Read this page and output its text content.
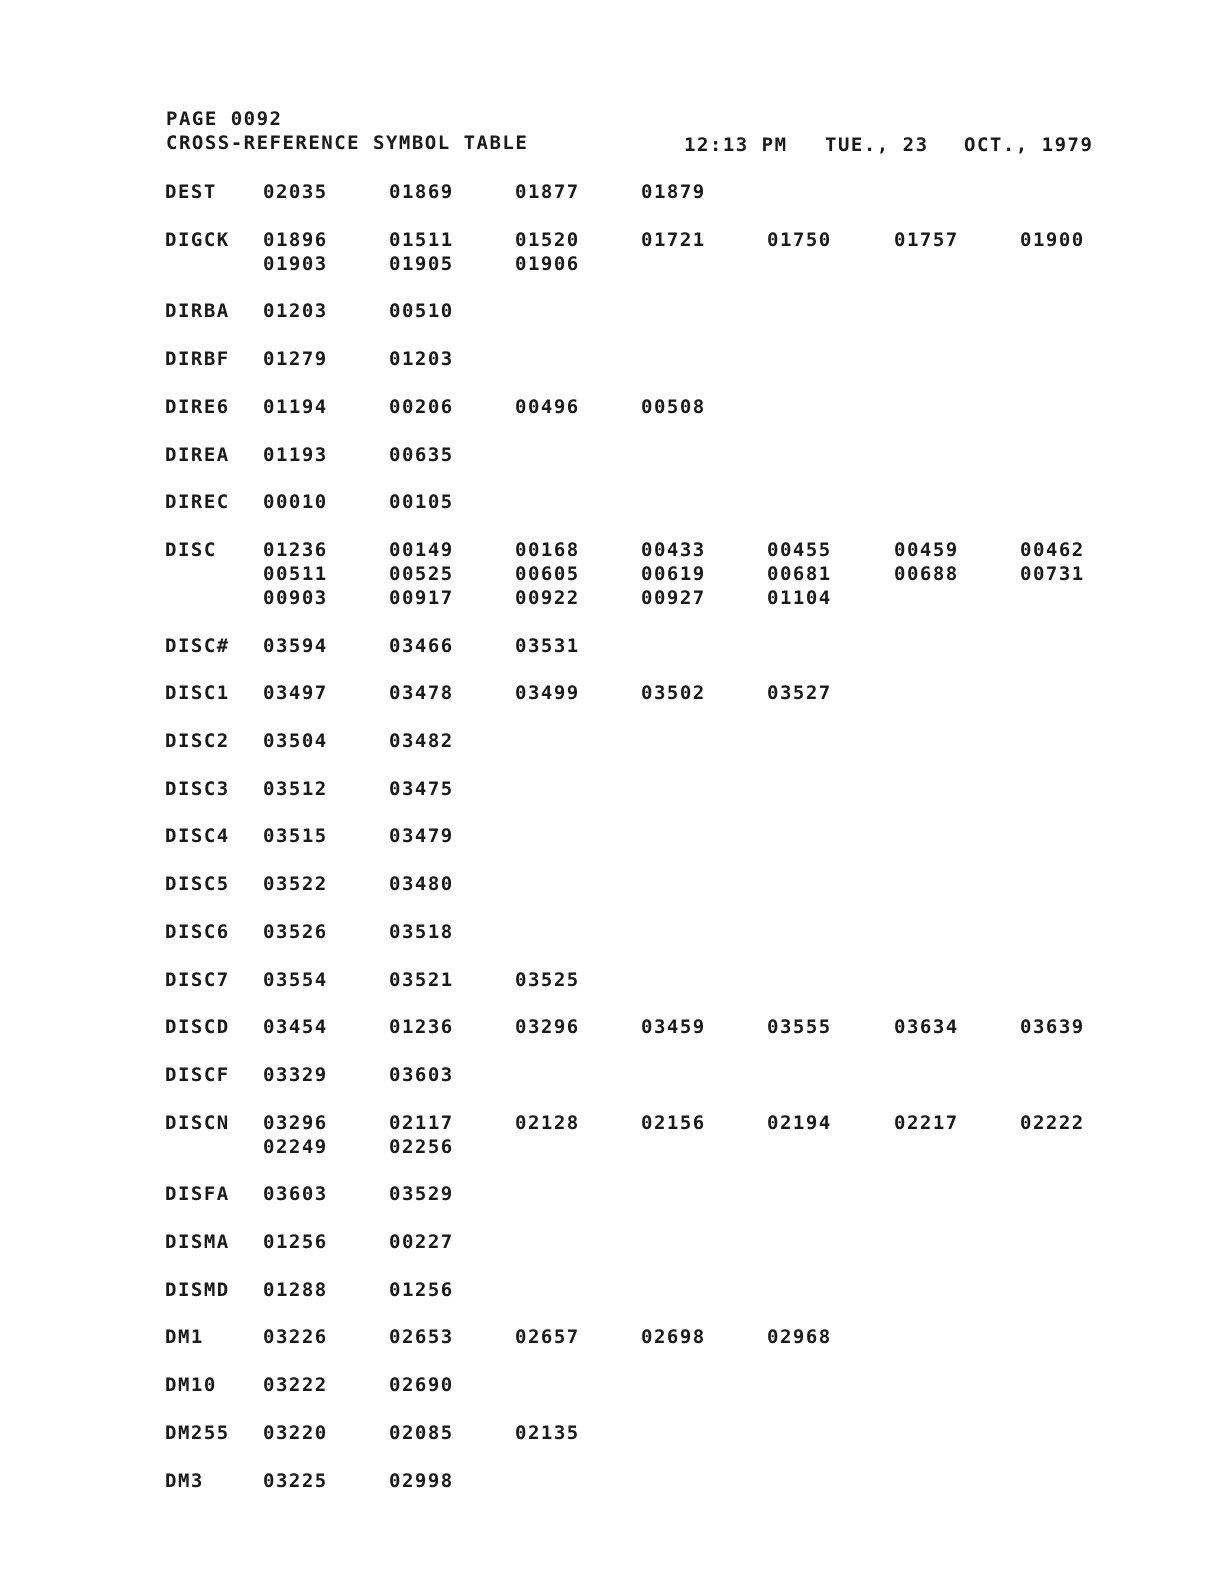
PAGE 0092
CROSS-REFERENCE SYMBOL TABLE	12:13 PM TUE., 23 OCT., 1979
DEST 02035	01869	01877	01879
DIGCK 01896	01511	01520	01721	01750	01757	01900
01903	01905	01906
DIRBA 01203	00510
DIRBF 01279	01203
DIRE6 01194	00206	00496	00508
DIREA 01193	00635
DIREC 00010	00105
DISC 01236	00149	00168	00433	00455	00459	00462
00511	00525	00605	00619	00681	00688	00731
00903	00917	00922	00927	01104
DISC# 03594	03466	03531
DISC1 03497	03478	03499	03502	03527
DISC2 03504	03482
DISC3 03512	03475
DISC4 03515	03479
DISC5 03522	03480
DISC6 03526	03518
DISC7 03554	03521	03525
DISCD 03454	01236	03296	03459	03555	03634	03639
DISCF 03329	03603
DISCN 03296	02117	02128	02156	02194	02217	02222
02249	02256
DISFA 03603	03529
DISMA 01256	00227
DISMD 01288	01256
DM1	03226	02653	02657	02698	02968
DM10 03222	02690
DM255 03220	02085	02135
DM3	03225	02998
